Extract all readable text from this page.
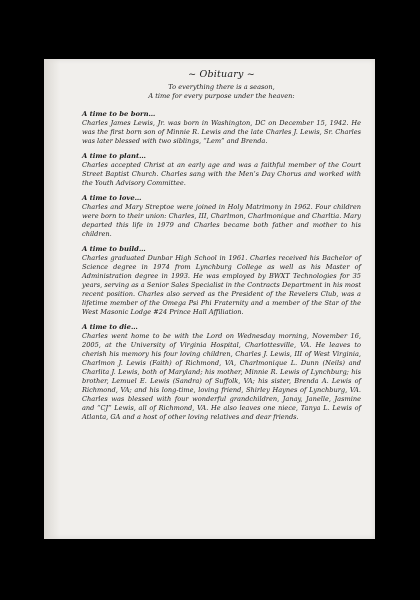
~ Obituary ~
To everything there is a season,
A time for every purpose under the heaven:
A time to be born…
Charles James Lewis, Jr. was born in Washington, DC on December 15, 1942. He was the first born son of Minnie R. Lewis and the late Charles J. Lewis, Sr. Charles was later blessed with two siblings, “Lem” and Brenda.
A time to plant…
Charles accepted Christ at an early age and was a faithful member of the Court Street Baptist Church. Charles sang with the Men’s Day Chorus and worked with the Youth Advisory Committee.
A time to love…
Charles and Mary Streptoe were joined in Holy Matrimony in 1962. Four children were born to their union: Charles, III, Charlmon, Charlmonique and Charltia. Mary departed this life in 1979 and Charles became both father and mother to his children.
A time to build…
Charles graduated Dunbar High School in 1961. Charles received his Bachelor of Science degree in 1974 from Lynchburg College as well as his Master of Administration degree in 1993. He was employed by BWXT Technologies for 35 years, serving as a Senior Sales Specialist in the Contracts Department in his most recent position. Charles also served as the President of the Revelers Club, was a lifetime member of the Omega Psi Phi Fraternity and a member of the Star of the West Masonic Lodge #24 Prince Hall Affiliation.
A time to die…
Charles went home to be with the Lord on Wednesday morning, November 16, 2005, at the University of Virginia Hospital, Charlottesville, VA. He leaves to cherish his memory his four loving children, Charles J. Lewis, III of West Virginia, Charlmon J. Lewis (Faith) of Richmond, VA, Charlmonique L. Dunn (Neils) and Charlita J. Lewis, both of Maryland; his mother, Minnie R. Lewis of Lynchburg; his brother, Lemuel E. Lewis (Sandra) of Suffolk, VA; his sister, Brenda A. Lewis of Richmond, VA; and his long-time, loving friend, Shirley Haynes of Lynchburg, VA. Charles was blessed with four wonderful grandchildren, Janay, Janelle, Jasmine and “CJ” Lewis, all of Richmond, VA. He also leaves one niece, Tanya L. Lewis of Atlanta, GA and a host of other loving relatives and dear friends.
